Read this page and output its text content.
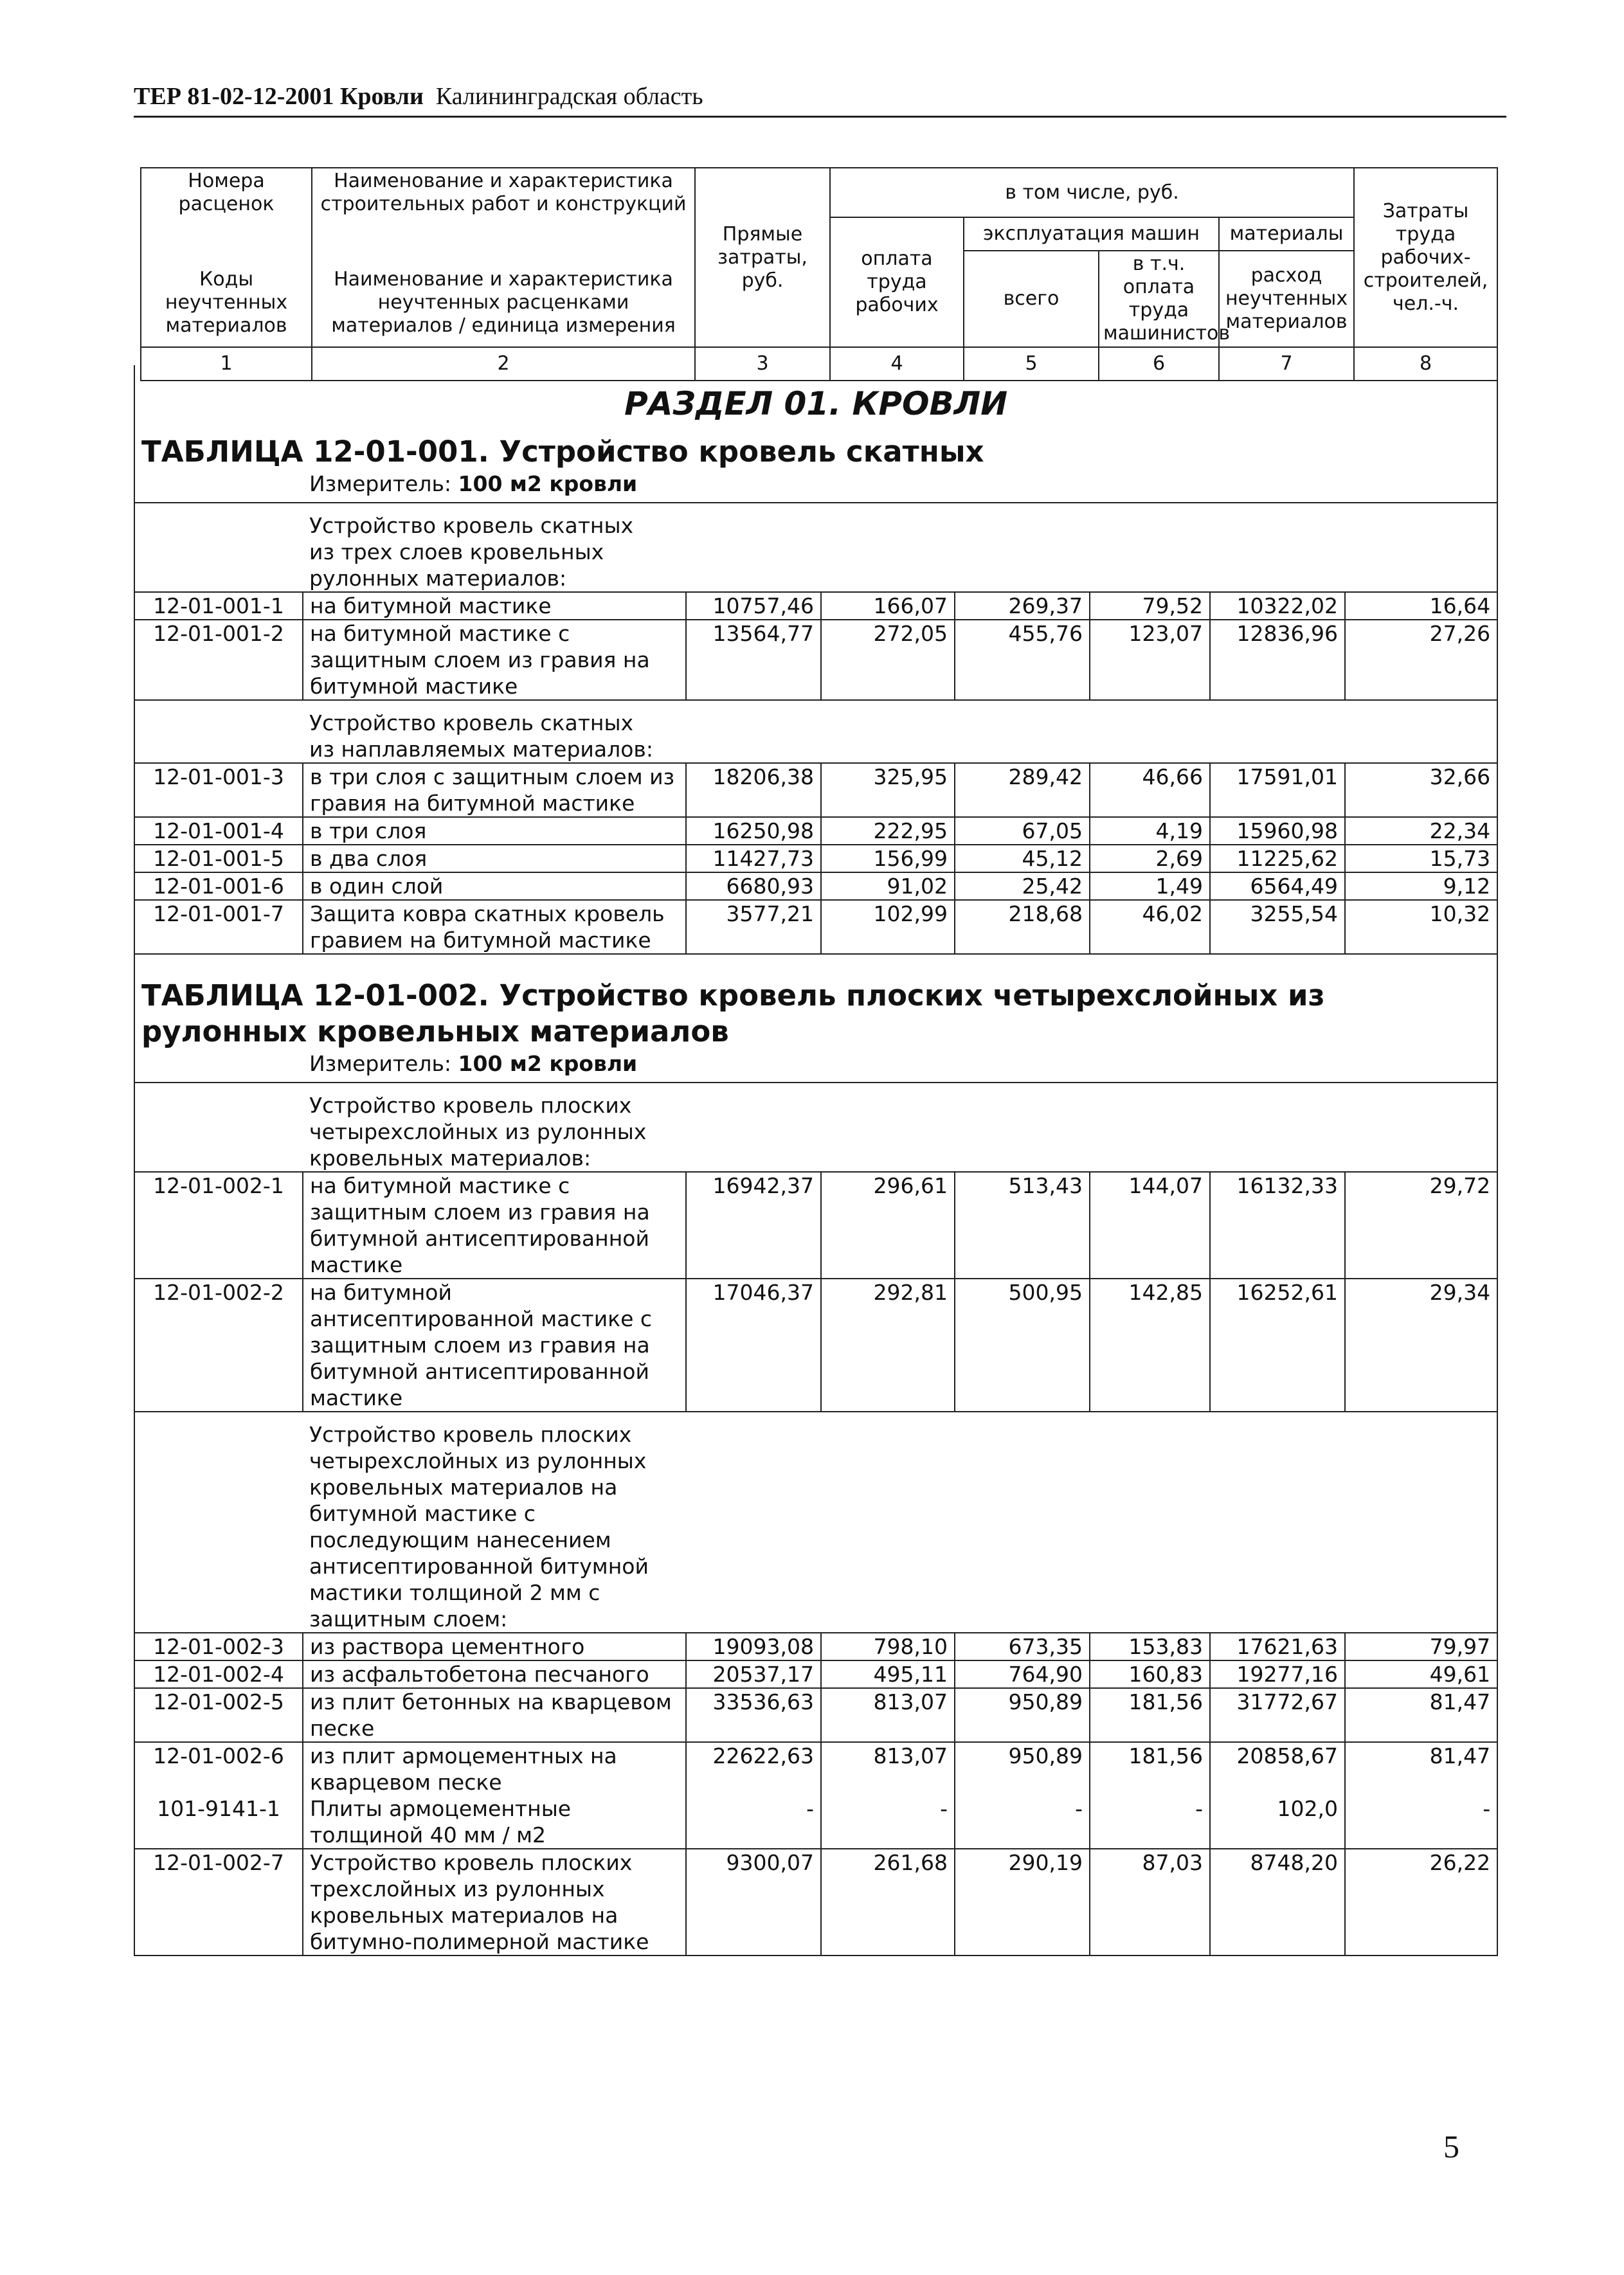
ТЕР 81-02-12-2001 Кровли Калининградская область
Номера расценок	Наименование и характеристика строительных работ и конструкций	Прямые затраты, руб.	в том числе, руб.				Затраты труда рабочих-строителей, чел.-ч.
			оплата труда рабочих	эксплуатация машин		материалы	
				всего	в т.ч. оплата труда машинистов	расход неучтенных материалов	
Коды неучтенных материалов	Наименование и характеристика неучтенных расценками материалов / единица измерения						
1	2	3	4	5	6	7	8
РАЗДЕЛ 01. КРОВЛИ							
ТАБЛИЦА 12-01-001. Устройство кровель скатных							
	Измеритель: 100 м2 кровли						
	Устройство кровель скатных из трех слоев кровельных рулонных материалов:						
12-01-001-1	на битумной мастике	10757,46	166,07	269,37	79,52	10322,02	16,64
12-01-001-2	на битумной мастике с защитным слоем из гравия на битумной мастике	13564,77	272,05	455,76	123,07	12836,96	27,26
	Устройство кровель скатных из наплавляемых материалов:						
12-01-001-3	в три слоя с защитным слоем из гравия на битумной мастике	18206,38	325,95	289,42	46,66	17591,01	32,66
12-01-001-4	в три слоя	16250,98	222,95	67,05	4,19	15960,98	22,34
12-01-001-5	в два слоя	11427,73	156,99	45,12	2,69	11225,62	15,73
12-01-001-6	в один слой	6680,93	91,02	25,42	1,49	6564,49	9,12
12-01-001-7	Защита ковра скатных кровель гравием на битумной мастике	3577,21	102,99	218,68	46,02	3255,54	10,32
ТАБЛИЦА 12-01-002. Устройство кровель плоских четырехслойных из рулонных кровельных материалов							
	Измеритель: 100 м2 кровли						
	Устройство кровель плоских четырехслойных из рулонных кровельных материалов:						
12-01-002-1	на битумной мастике с защитным слоем из гравия на битумной антисептированной мастике	16942,37	296,61	513,43	144,07	16132,33	29,72
12-01-002-2	на битумной антисептированной мастике с защитным слоем из гравия на битумной антисептированной мастике	17046,37	292,81	500,95	142,85	16252,61	29,34
	Устройство кровель плоских четырехслойных из рулонных кровельных материалов на битумной мастике с последующим нанесением антисептированной битумной мастики толщиной 2 мм с защитным слоем:						
12-01-002-3	из раствора цементного	19093,08	798,10	673,35	153,83	17621,63	79,97
12-01-002-4	из асфальтобетона песчаного	20537,17	495,11	764,90	160,83	19277,16	49,61
12-01-002-5	из плит бетонных на кварцевом песке	33536,63	813,07	950,89	181,56	31772,67	81,47
12-01-002-6	из плит армоцементных на кварцевом песке	22622,63	813,07	950,89	181,56	20858,67	81,47
101-9141-1	Плиты армоцементные толщиной 40 мм / м2	-	-	-	-	102,0	-
12-01-002-7	Устройство кровель плоских трехслойных из рулонных кровельных материалов на битумно-полимерной мастике	9300,07	261,68	290,19	87,03	8748,20	26,22
5
